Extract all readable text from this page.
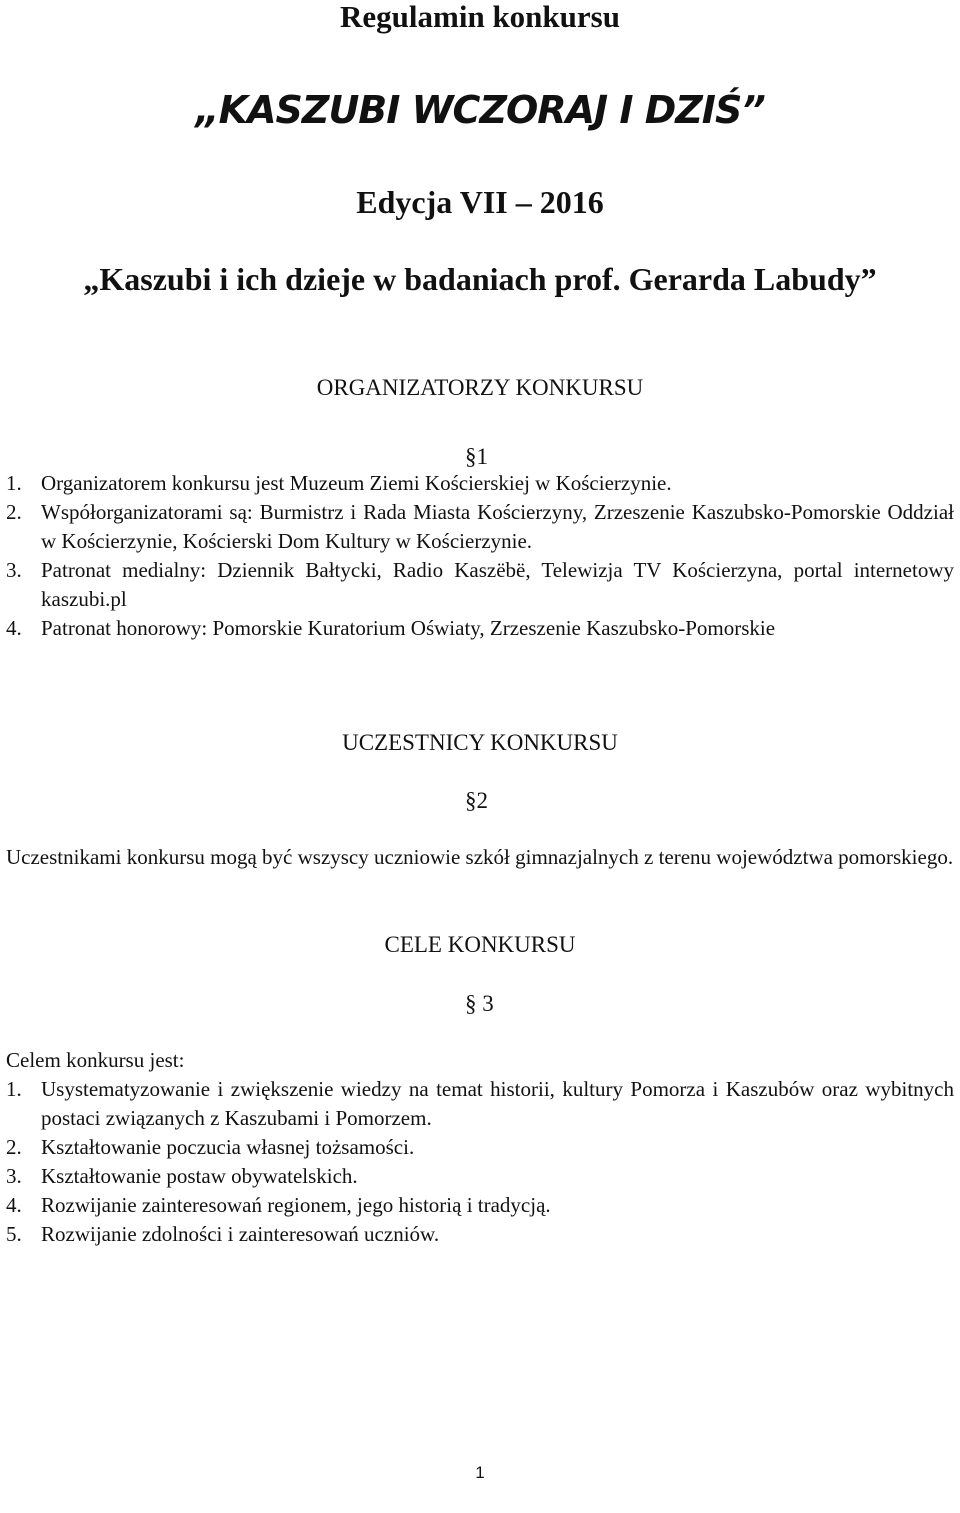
Regulamin konkursu
„KASZUBI WCZORAJ I DZIŚ”
Edycja VII – 2016
„Kaszubi i ich dzieje w badaniach prof. Gerarda Labudy”
ORGANIZATORZY KONKURSU
§1
1. Organizatorem konkursu jest Muzeum Ziemi Kościerskiej w Kościerzynie.
2. Współorganizatorami są: Burmistrz i Rada Miasta Kościerzyny, Zrzeszenie Kaszubsko-Pomorskie Oddział w Kościerzynie, Kościerski Dom Kultury w Kościerzynie.
3. Patronat medialny: Dziennik Bałtycki, Radio Kaszëbë, Telewizja TV Kościerzyna, portal internetowy kaszubi.pl
4. Patronat honorowy: Pomorskie Kuratorium Oświaty, Zrzeszenie Kaszubsko-Pomorskie
UCZESTNICY KONKURSU
§2
Uczestnikami konkursu mogą być wszyscy uczniowie szkół gimnazjalnych z terenu województwa pomorskiego.
CELE KONKURSU
§ 3
Celem konkursu jest:
1. Usystematyzowanie i zwiększenie wiedzy na temat historii, kultury Pomorza i Kaszubów oraz wybitnych postaci związanych z Kaszubami i Pomorzem.
2. Kształtowanie poczucia własnej tożsamości.
3. Kształtowanie postaw obywatelskich.
4. Rozwijanie zainteresowań regionem, jego historią i tradycją.
5. Rozwijanie zdolności i zainteresowań uczniów.
1
